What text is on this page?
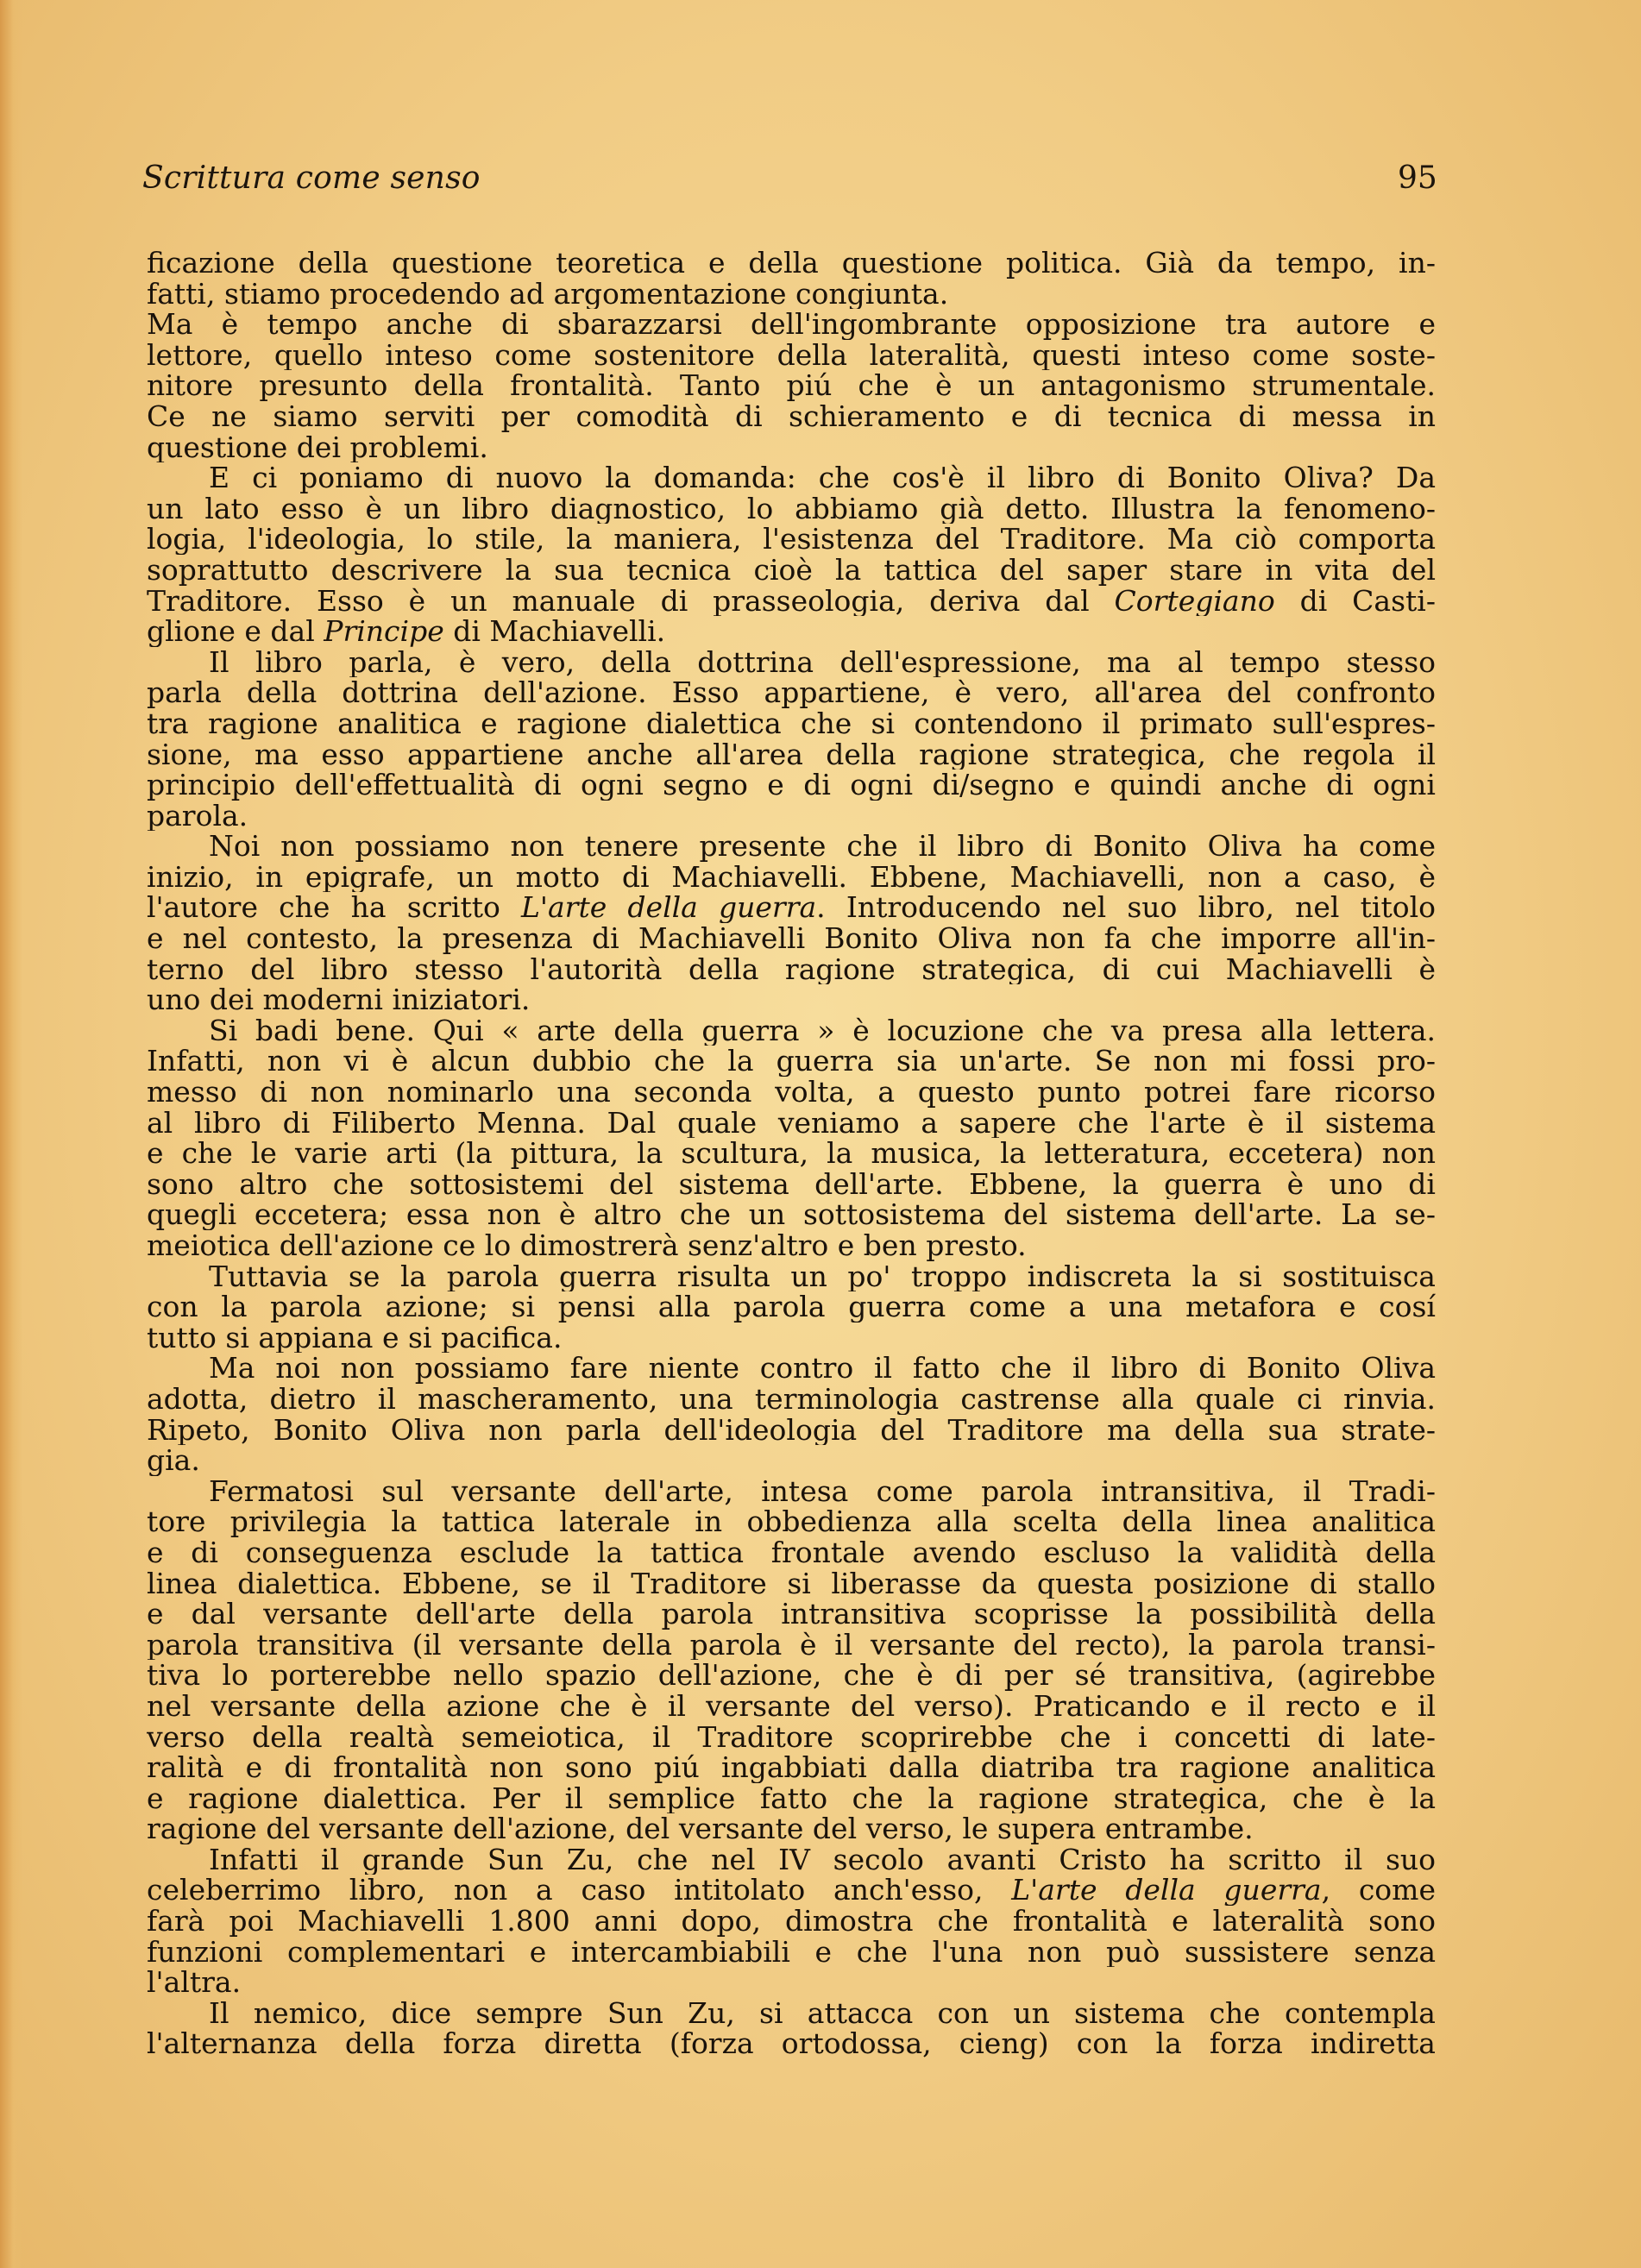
Scrittura come senso	95
ficazione della questione teoretica e della questione politica. Già da tempo, in-
fatti, stiamo procedendo ad argomentazione congiunta.
Ma è tempo anche di sbarazzarsi dell'ingombrante opposizione tra autore e
lettore, quello inteso come sostenitore della lateralità, questi inteso come soste-
nitore presunto della frontalità. Tanto piú che è un antagonismo strumentale.
Ce ne siamo serviti per comodità di schieramento e di tecnica di messa in
questione dei problemi.
E ci poniamo di nuovo la domanda: che cos'è il libro di Bonito Oliva? Da
un lato esso è un libro diagnostico, lo abbiamo già detto. Illustra la fenomeno-
logia, l'ideologia, lo stile, la maniera, l'esistenza del Traditore. Ma ciò comporta
soprattutto descrivere la sua tecnica cioè la tattica del saper stare in vita del
Traditore. Esso è un manuale di prasseologia, deriva dal Cortegiano di Casti-
glione e dal Principe di Machiavelli.
Il libro parla, è vero, della dottrina dell'espressione, ma al tempo stesso
parla della dottrina dell'azione. Esso appartiene, è vero, all'area del confronto
tra ragione analitica e ragione dialettica che si contendono il primato sull'espres-
sione, ma esso appartiene anche all'area della ragione strategica, che regola il
principio dell'effettualità di ogni segno e di ogni di/segno e quindi anche di ogni
parola.
Noi non possiamo non tenere presente che il libro di Bonito Oliva ha come
inizio, in epigrafe, un motto di Machiavelli. Ebbene, Machiavelli, non a caso, è
l'autore che ha scritto L'arte della guerra. Introducendo nel suo libro, nel titolo
e nel contesto, la presenza di Machiavelli Bonito Oliva non fa che imporre all'in-
terno del libro stesso l'autorità della ragione strategica, di cui Machiavelli è
uno dei moderni iniziatori.
Si badi bene. Qui « arte della guerra » è locuzione che va presa alla lettera.
Infatti, non vi è alcun dubbio che la guerra sia un'arte. Se non mi fossi pro-
messo di non nominarlo una seconda volta, a questo punto potrei fare ricorso
al libro di Filiberto Menna. Dal quale veniamo a sapere che l'arte è il sistema
e che le varie arti (la pittura, la scultura, la musica, la letteratura, eccetera) non
sono altro che sottosistemi del sistema dell'arte. Ebbene, la guerra è uno di
quegli eccetera; essa non è altro che un sottosistema del sistema dell'arte. La se-
meiotica dell'azione ce lo dimostrerà senz'altro e ben presto.
Tuttavia se la parola guerra risulta un po' troppo indiscreta la si sostituisca
con la parola azione; si pensi alla parola guerra come a una metafora e cosí
tutto si appiana e si pacifica.
Ma noi non possiamo fare niente contro il fatto che il libro di Bonito Oliva
adotta, dietro il mascheramento, una terminologia castrense alla quale ci rinvia.
Ripeto, Bonito Oliva non parla dell'ideologia del Traditore ma della sua strate-
gia.
Fermatosi sul versante dell'arte, intesa come parola intransitiva, il Tradi-
tore privilegia la tattica laterale in obbedienza alla scelta della linea analitica
e di conseguenza esclude la tattica frontale avendo escluso la validità della
linea dialettica. Ebbene, se il Traditore si liberasse da questa posizione di stallo
e dal versante dell'arte della parola intransitiva scoprisse la possibilità della
parola transitiva (il versante della parola è il versante del recto), la parola transi-
tiva lo porterebbe nello spazio dell'azione, che è di per sé transitiva, (agirebbe
nel versante della azione che è il versante del verso). Praticando e il recto e il
verso della realtà semeiotica, il Traditore scoprirebbe che i concetti di late-
ralità e di frontalità non sono piú ingabbiati dalla diatriba tra ragione analitica
e ragione dialettica. Per il semplice fatto che la ragione strategica, che è la
ragione del versante dell'azione, del versante del verso, le supera entrambe.
Infatti il grande Sun Zu, che nel IV secolo avanti Cristo ha scritto il suo
celeberrimo libro, non a caso intitolato anch'esso, L'arte della guerra, come
farà poi Machiavelli 1.800 anni dopo, dimostra che frontalità e lateralità sono
funzioni complementari e intercambiabili e che l'una non può sussistere senza
l'altra.
Il nemico, dice sempre Sun Zu, si attacca con un sistema che contempla
l'alternanza della forza diretta (forza ortodossa, cieng) con la forza indiretta
